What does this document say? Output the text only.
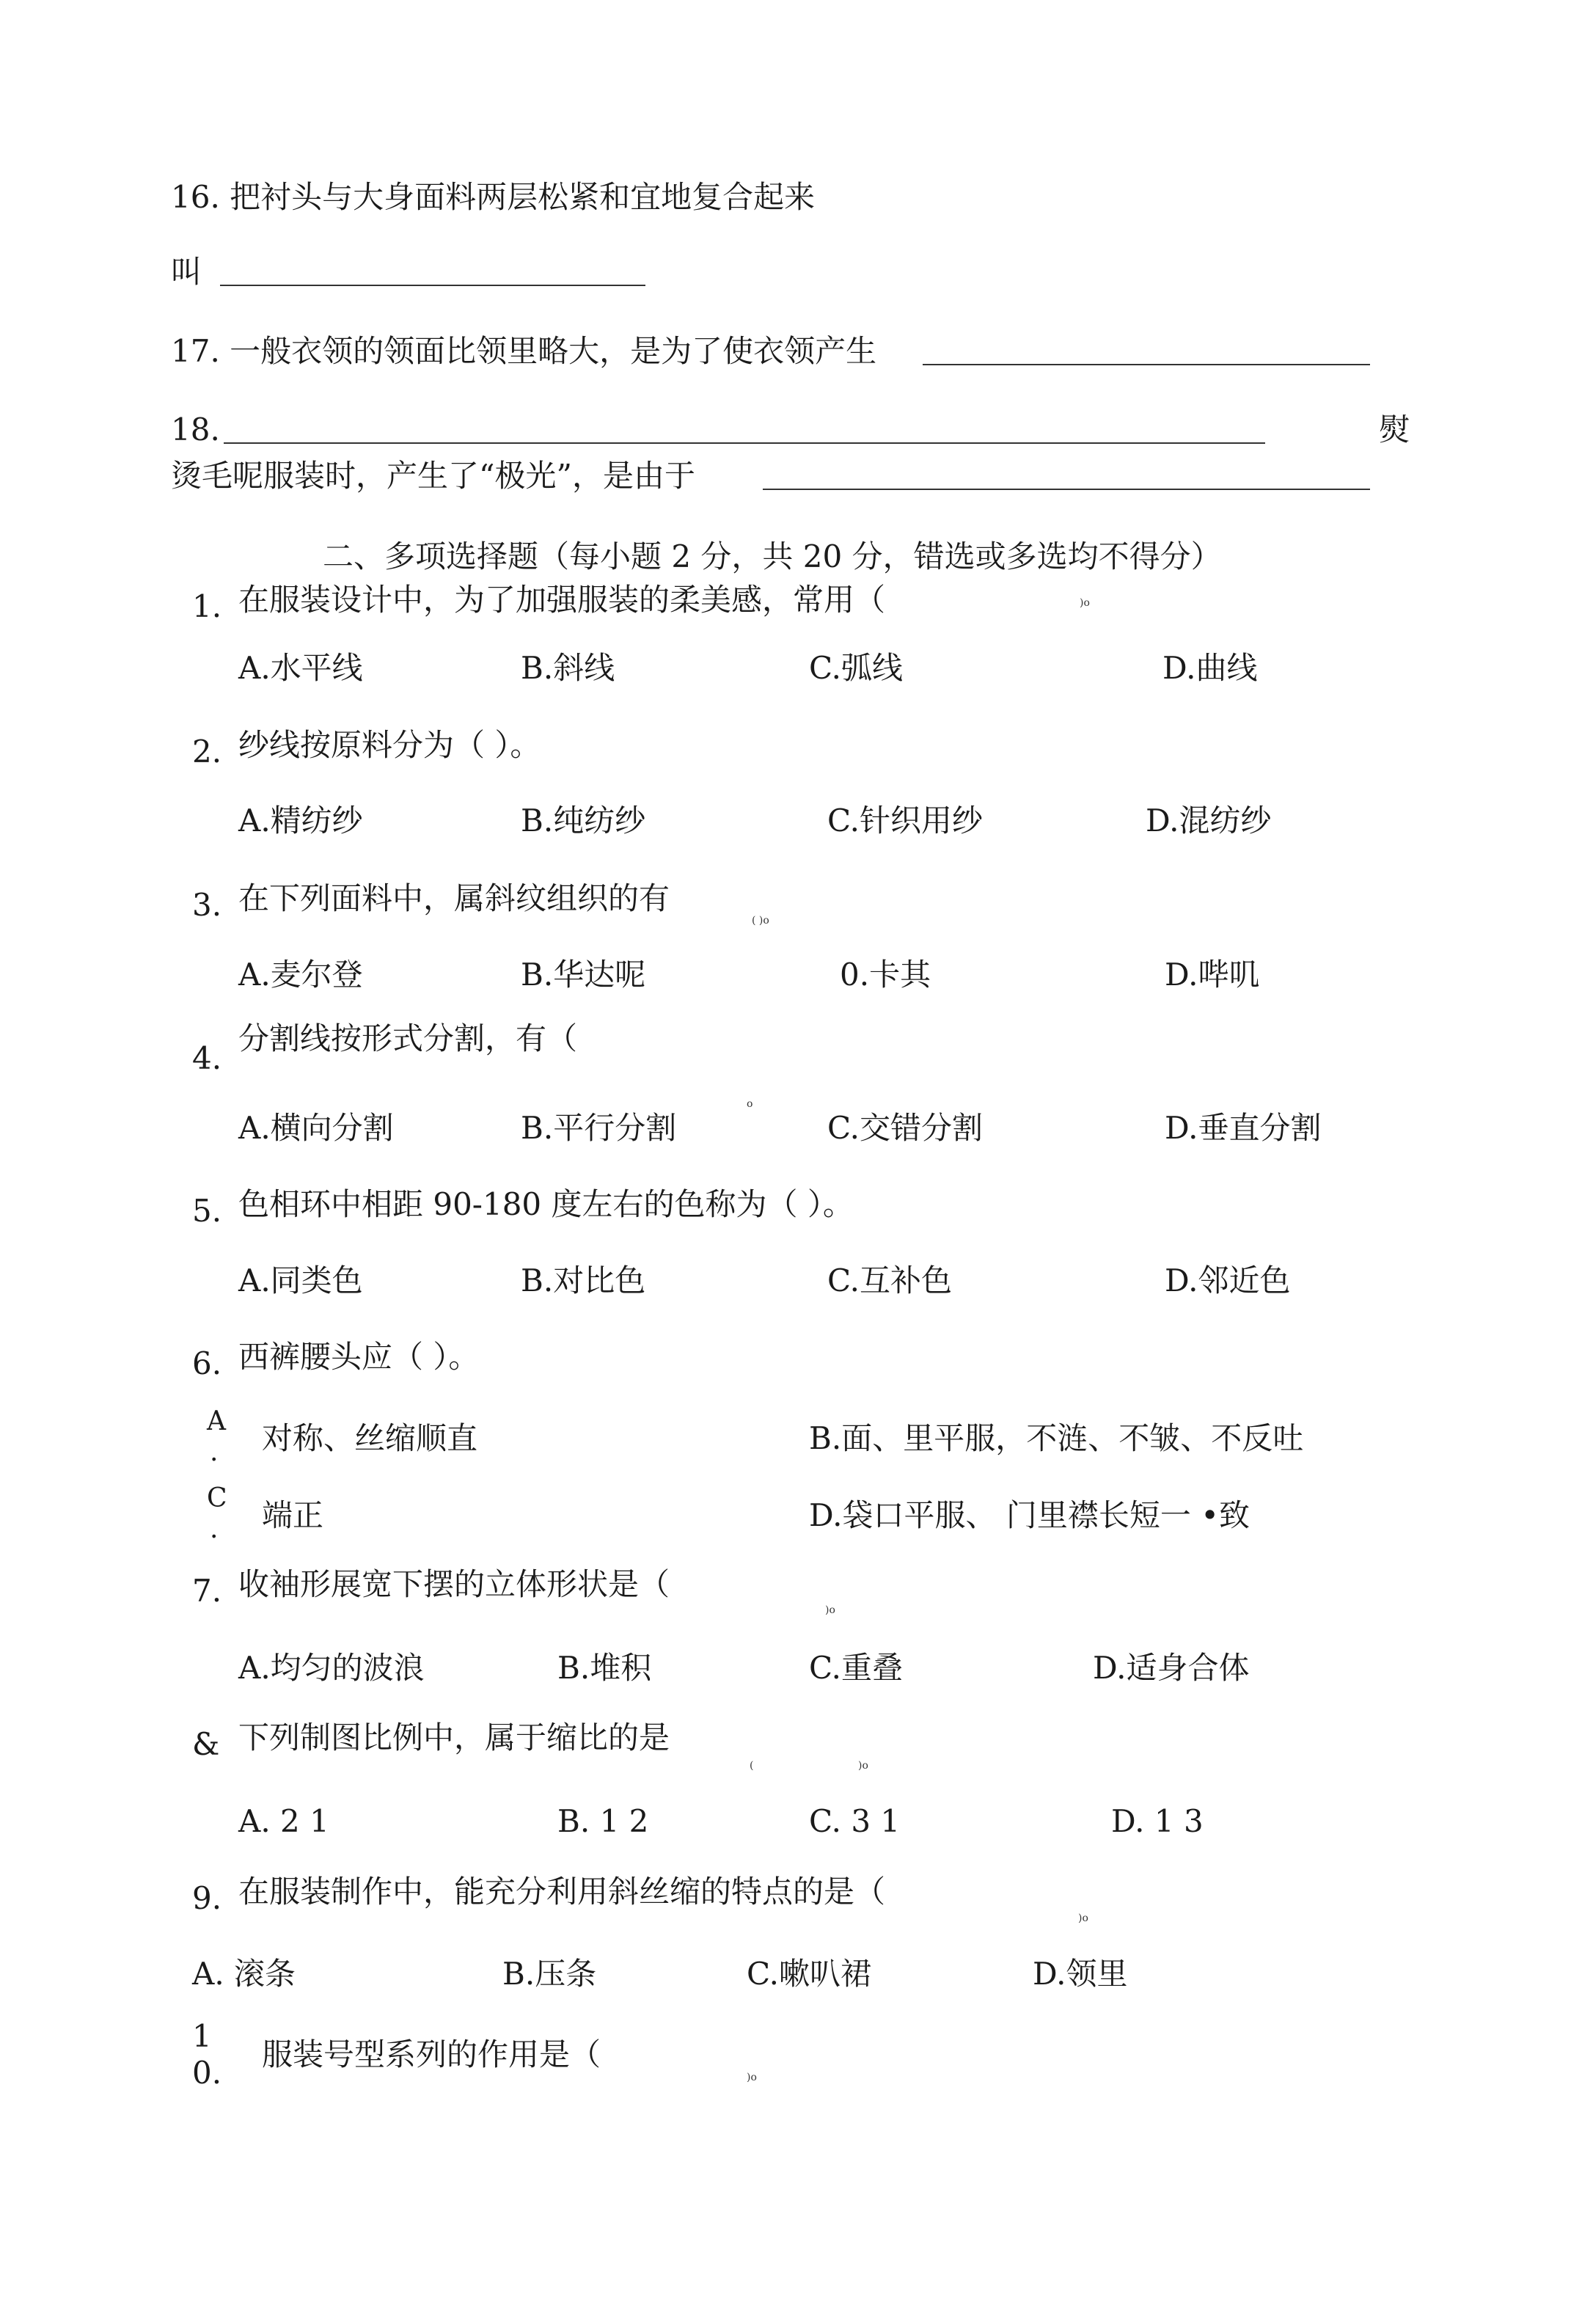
16. 把衬头与大身面料两层松紧和宜地复合起来
叫
17. 一般衣领的领面比领里略大，是为了使衣领产生
18.	熨
烫毛呢服装时，产生了“极光”，是由于
二、多项选择题（每小题 2 分，共 20 分，错选或多选均不得分）
1. 在服装设计中，为了加强服装的柔美感，常用（	)o
A.水平线	B.斜线	C.弧线	D.曲线
2. 纱线按原料分为（ ）。
A.精纺纱	B.纯纺纱	C.针织用纱	D.混纺纱
3. 在下列面料中，属斜纹组织的有
( )o
A.麦尔登	B.华达呢	0.卡其	D.哔叽
4.
分割线按形式分割，有（
o
A.横向分割	B.平行分割	C.交错分割	D.垂直分割
5. 色相环中相距 90-180 度左右的色称为（ ）。
A.同类色	B.对比色	C.互补色	D.邻近色
6. 西裤腰头应（ ）。
A
. 对称、丝缩顺直	B.面、里平服，不涟、不皱、不反吐
C
. 端正	D.袋口平服、 门里襟长短一 •致
7. 收袖形展宽下摆的立体形状是（
)o
A.均匀的波浪	B.堆积	C.重叠	D.适身合体
& 下列制图比例中，属于缩比的是
(	)o
A. 2 1	B. 1 2	C. 3 1	D. 1 3
9. 在服装制作中，能充分利用斜丝缩的特点的是（
)o
A. 滚条	B.压条	C.嗽叭裙	D.领里
1
0.
服装号型系列的作用是（
)o
